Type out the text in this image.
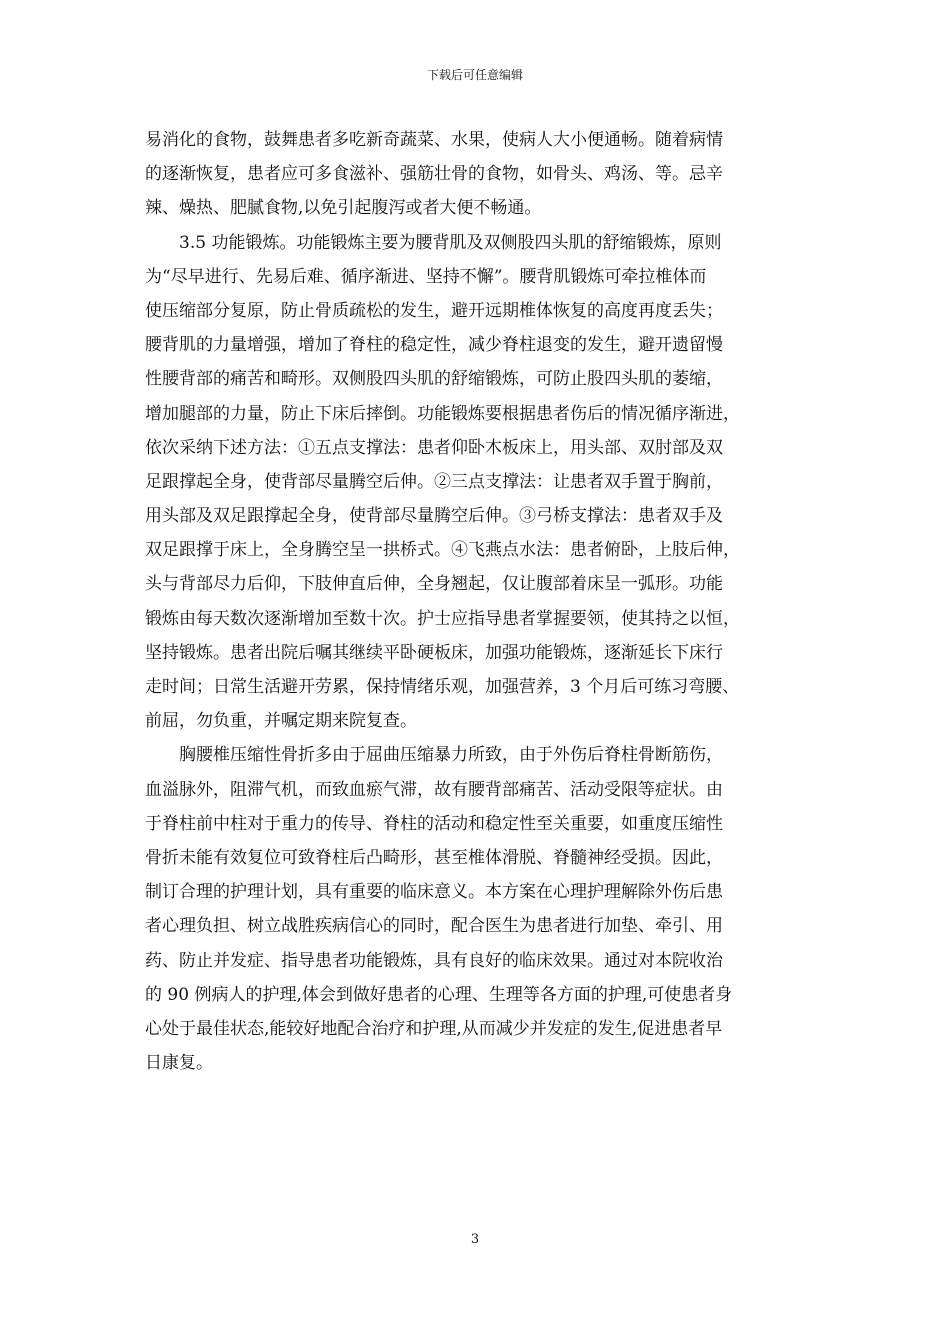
下载后可任意编辑
易消化的食物，鼓舞患者多吃新奇蔬菜、水果，使病人大小便通畅。随着病情
的逐渐恢复，患者应可多食滋补、强筋壮骨的食物，如骨头、鸡汤、等。忌辛
辣、燥热、肥腻食物,以免引起腹泻或者大便不畅通。
3.5 功能锻炼。功能锻炼主要为腰背肌及双侧股四头肌的舒缩锻炼，原则
为“尽早进行、先易后难、循序渐进、坚持不懈”。腰背肌锻炼可牵拉椎体而
使压缩部分复原，防止骨质疏松的发生，避开远期椎体恢复的高度再度丢失；
腰背肌的力量增强，增加了脊柱的稳定性，减少脊柱退变的发生，避开遗留慢
性腰背部的痛苦和畸形。双侧股四头肌的舒缩锻炼，可防止股四头肌的萎缩，
增加腿部的力量，防止下床后摔倒。功能锻炼要根据患者伤后的情况循序渐进，
依次采纳下述方法：①五点支撑法：患者仰卧木板床上，用头部、双肘部及双
足跟撑起全身，使背部尽量腾空后伸。②三点支撑法：让患者双手置于胸前，
用头部及双足跟撑起全身，使背部尽量腾空后伸。③弓桥支撑法：患者双手及
双足跟撑于床上，全身腾空呈一拱桥式。④飞燕点水法：患者俯卧，上肢后伸，
头与背部尽力后仰，下肢伸直后伸，全身翘起，仅让腹部着床呈一弧形。功能
锻炼由每天数次逐渐增加至数十次。护士应指导患者掌握要领，使其持之以恒，
坚持锻炼。患者出院后嘱其继续平卧硬板床，加强功能锻炼，逐渐延长下床行
走时间；日常生活避开劳累，保持情绪乐观，加强营养，3 个月后可练习弯腰、
前屈，勿负重，并嘱定期来院复查。
胸腰椎压缩性骨折多由于屈曲压缩暴力所致，由于外伤后脊柱骨断筋伤，
血溢脉外，阻滞气机，而致血瘀气滞，故有腰背部痛苦、活动受限等症状。由
于脊柱前中柱对于重力的传导、脊柱的活动和稳定性至关重要，如重度压缩性
骨折未能有效复位可致脊柱后凸畸形，甚至椎体滑脱、脊髓神经受损。因此，
制订合理的护理计划，具有重要的临床意义。本方案在心理护理解除外伤后患
者心理负担、树立战胜疾病信心的同时，配合医生为患者进行加垫、牵引、用
药、防止并发症、指导患者功能锻炼，具有良好的临床效果。通过对本院收治
的 90 例病人的护理,体会到做好患者的心理、生理等各方面的护理,可使患者身
心处于最佳状态,能较好地配合治疗和护理,从而减少并发症的发生,促进患者早
日康复。
3
